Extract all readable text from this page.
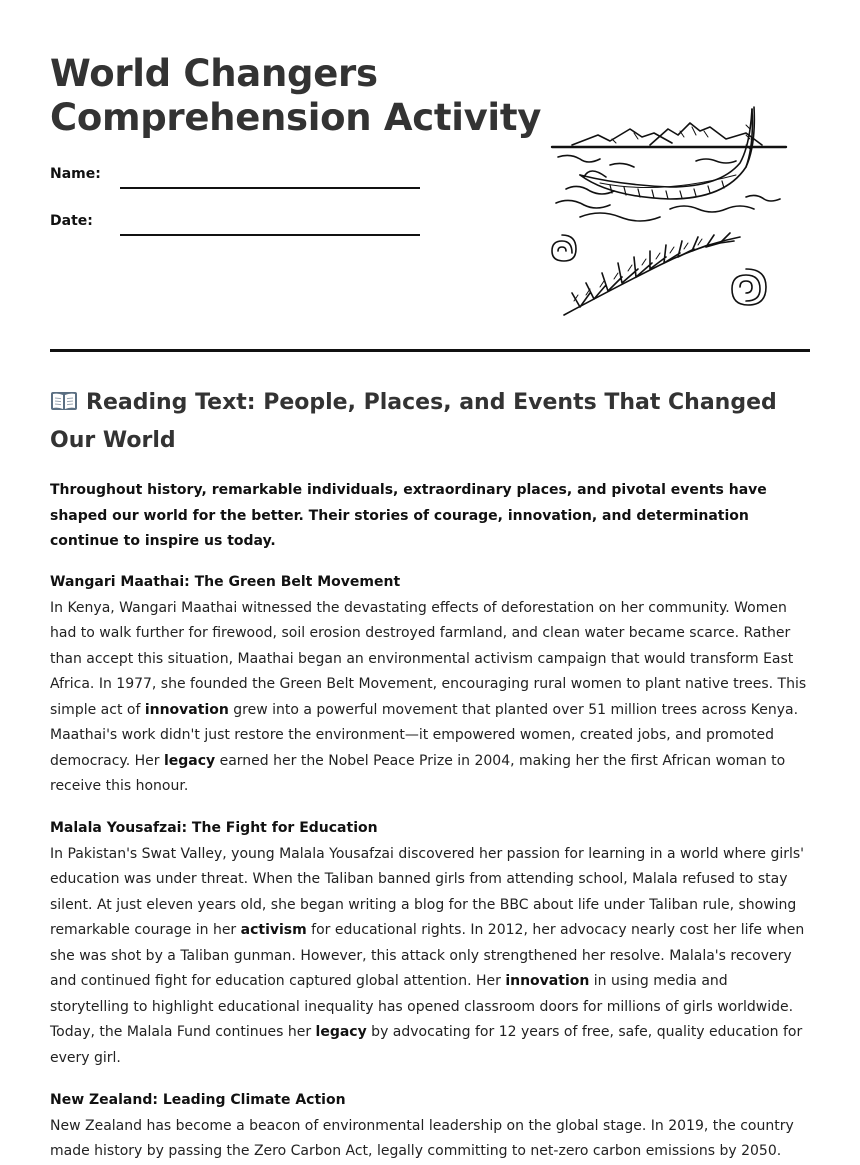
World Changers
Comprehension Activity
Name:
Date:
Reading Text: People, Places, and Events That Changed Our World

Throughout history, remarkable individuals, extraordinary places, and pivotal events have shaped our world for the better. Their stories of courage, innovation, and determination continue to inspire us today.

Wangari Maathai: The Green Belt Movement

In Kenya, Wangari Maathai witnessed the devastating effects of deforestation on her community. Women had to walk further for firewood, soil erosion destroyed farmland, and clean water became scarce. Rather than accept this situation, Maathai began an environmental activism campaign that would transform East Africa. In 1977, she founded the Green Belt Movement, encouraging rural women to plant native trees. This simple act of innovation grew into a powerful movement that planted over 51 million trees across Kenya. Maathai's work didn't just restore the environment—it empowered women, created jobs, and promoted democracy. Her legacy earned her the Nobel Peace Prize in 2004, making her the first African woman to receive this honour.

Malala Yousafzai: The Fight for Education

In Pakistan's Swat Valley, young Malala Yousafzai discovered her passion for learning in a world where girls' education was under threat. When the Taliban banned girls from attending school, Malala refused to stay silent. At just eleven years old, she began writing a blog for the BBC about life under Taliban rule, showing remarkable courage in her activism for educational rights. In 2012, her advocacy nearly cost her life when she was shot by a Taliban gunman. However, this attack only strengthened her resolve. Malala's recovery and continued fight for education captured global attention. Her innovation in using media and storytelling to highlight educational inequality has opened classroom doors for millions of girls worldwide. Today, the Malala Fund continues her legacy by advocating for 12 years of free, safe, quality education for every girl.

New Zealand: Leading Climate Action

New Zealand has become a beacon of environmental leadership on the global stage. In 2019, the country made history by passing the Zero Carbon Act, legally committing to net-zero carbon emissions by 2050.
